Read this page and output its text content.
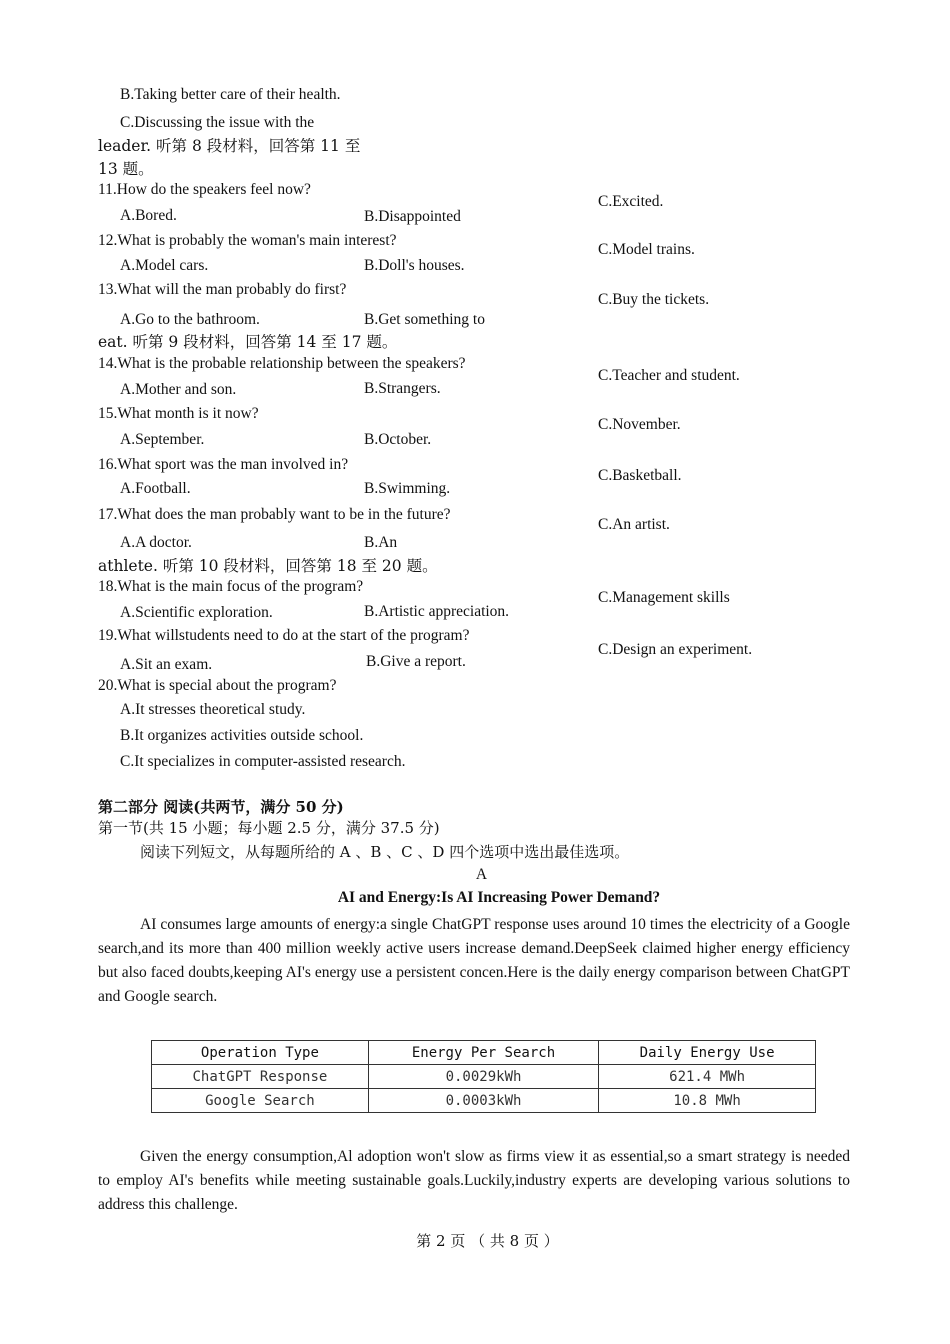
B.Taking better care of their health.
C.Discussing the issue with the
leader. 听第 8 段材料，回答第 11 至
13 题。
11.How do the speakers feel now?
A.Bored.	B.Disappointed
C.Excited.
12.What is probably the woman's main interest?
A.Model cars.	B.Doll's houses.
C.Model trains.
13.What will the man probably do first?
A.Go to the bathroom.	B.Get something to
C.Buy the tickets.
eat. 听第 9 段材料，回答第 14 至 17 题。
14.What is the probable relationship between the speakers?
A.Mother and son.	B.Strangers.
C.Teacher and student.
15.What month is it now?
A.September.	B.October.
C.November.
16.What sport was the man involved in?
A.Football.	B.Swimming.
C.Basketball.
17.What does the man probably want to be in the future?
A.A doctor.	B.An
C.An artist.
athlete. 听第 10 段材料，回答第 18 至 20 题。
18.What is the main focus of the program?
A.Scientific exploration.	B.Artistic appreciation.
C.Management skills
19.What willstudents need to do at the start of the program?
A.Sit an exam.	B.Give a report.
C.Design an experiment.
20.What is special about the program?
A.It stresses theoretical study.
B.It organizes activities outside school.
C.It specializes in computer-assisted research.
第二部分 阅读(共两节，满分 50 分)
第一节(共 15 小题；每小题 2.5 分，满分 37.5 分)
阅读下列短文，从每题所给的 A 、B 、C 、D 四个选项中选出最佳选项。
A
AI and Energy:Is AI Increasing Power Demand?
AI consumes large amounts of energy:a single ChatGPT response uses around 10 times the electricity of a Google search,and its more than 400 million weekly active users increase demand.DeepSeek claimed higher energy efficiency but also faced doubts,keeping AI's energy use a persistent concen.Here is the daily energy comparison between ChatGPT and Google search.
Operation Type	Energy Per Search	Daily Energy Use
ChatGPT Response	0.0029kWh	621.4 MWh
Google Search	0.0003kWh	10.8 MWh
Given the energy consumption,Al adoption won't slow as firms view it as essential,so a smart strategy is needed to employ AI's benefits while meeting sustainable goals.Luckily,industry experts are developing various solutions to address this challenge.
第 2 页 （ 共 8 页 ）
